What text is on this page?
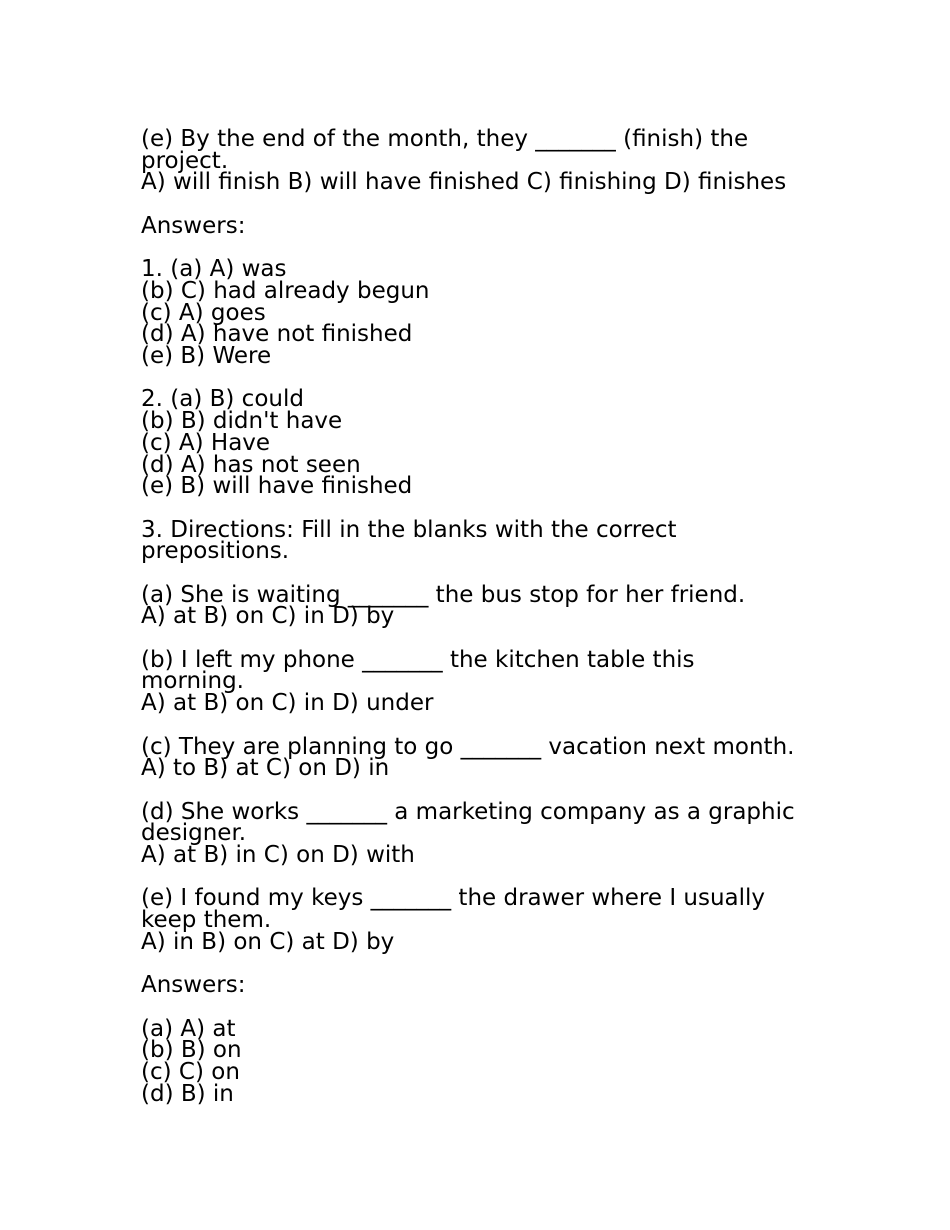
(e) By the end of the month, they _______ (finish) the

project.

A) will finish B) will have finished C) finishing D) finishes

Answers:

1. (a) A) was

(b) C) had already begun

(c) A) goes

(d) A) have not finished

(e) B) Were

2. (a) B) could

(b) B) didn't have

(c) A) Have

(d) A) has not seen

(e) B) will have finished

3. Directions: Fill in the blanks with the correct

prepositions.

(a) She is waiting _______ the bus stop for her friend.

A) at B) on C) in D) by

(b) I left my phone _______ the kitchen table this

morning.

A) at B) on C) in D) under

(c) They are planning to go _______ vacation next month.

A) to B) at C) on D) in

(d) She works _______ a marketing company as a graphic

designer.

A) at B) in C) on D) with

(e) I found my keys _______ the drawer where I usually

keep them.

A) in B) on C) at D) by

Answers:

(a) A) at

(b) B) on

(c) C) on

(d) B) in
